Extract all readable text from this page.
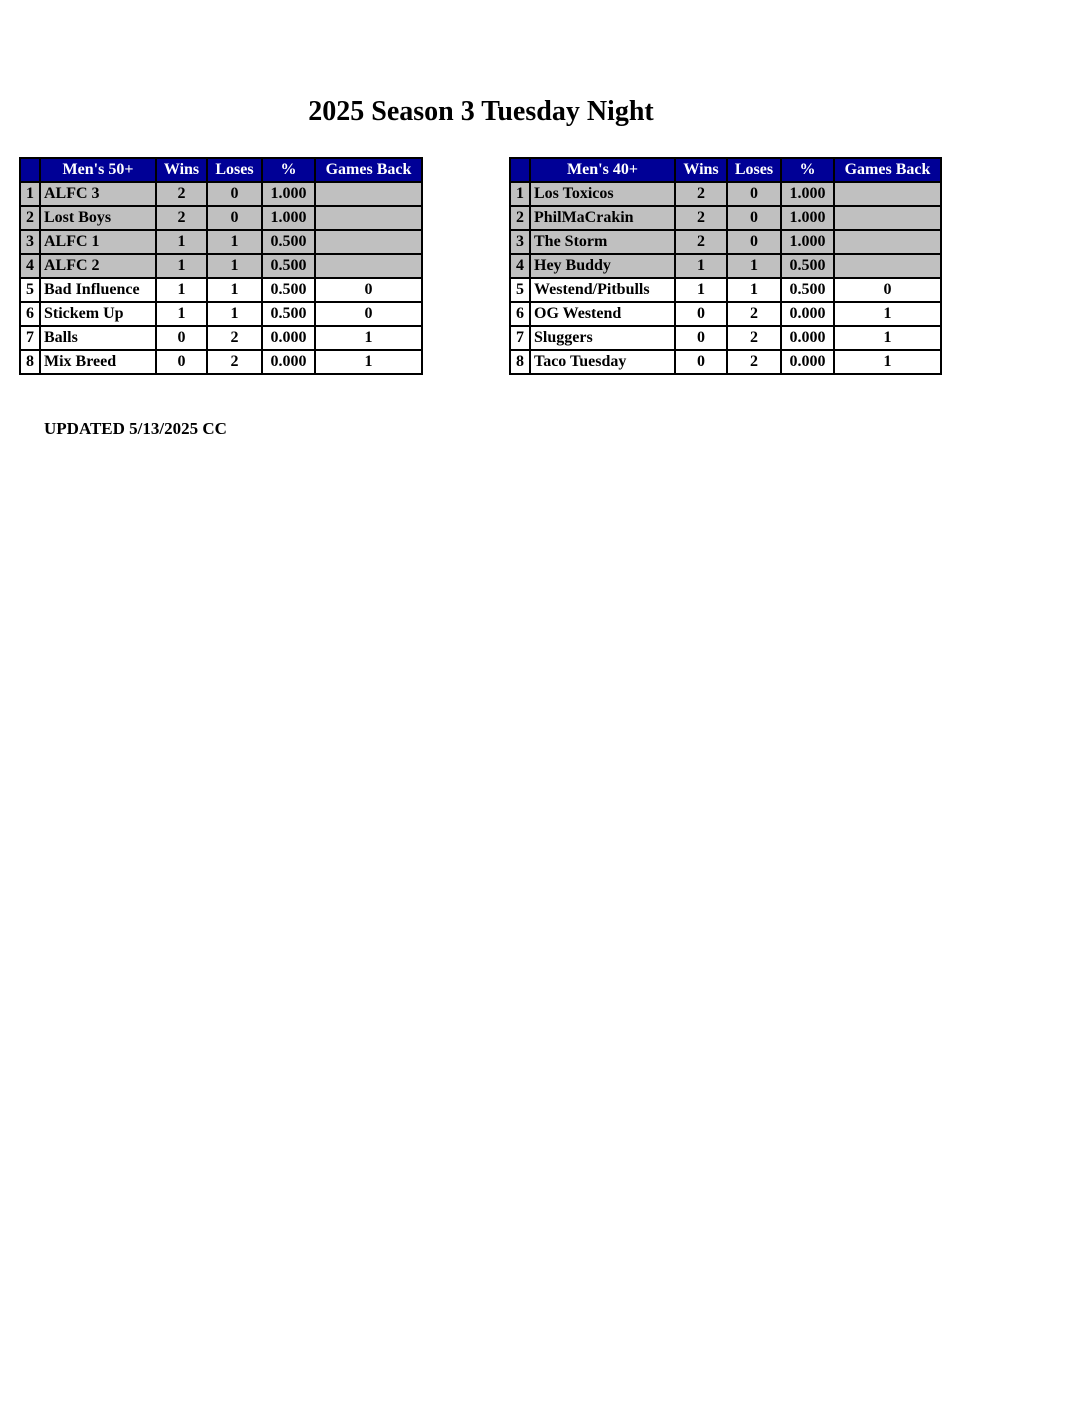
2025 Season 3 Tuesday Night
	Men's 50+	Wins	Loses	%	Games Back
1	ALFC 3	2	0	1.000	
2	Lost Boys	2	0	1.000	
3	ALFC 1	1	1	0.500	
4	ALFC 2	1	1	0.500	
5	Bad Influence	1	1	0.500	0
6	Stickem Up	1	1	0.500	0
7	Balls	0	2	0.000	1
8	Mix Breed	0	2	0.000	1
	Men's 40+	Wins	Loses	%	Games Back
1	Los Toxicos	2	0	1.000	
2	PhilMaCrakin	2	0	1.000	
3	The Storm	2	0	1.000	
4	Hey Buddy	1	1	0.500	
5	Westend/Pitbulls	1	1	0.500	0
6	OG Westend	0	2	0.000	1
7	Sluggers	0	2	0.000	1
8	Taco Tuesday	0	2	0.000	1
UPDATED 5/13/2025 CC
